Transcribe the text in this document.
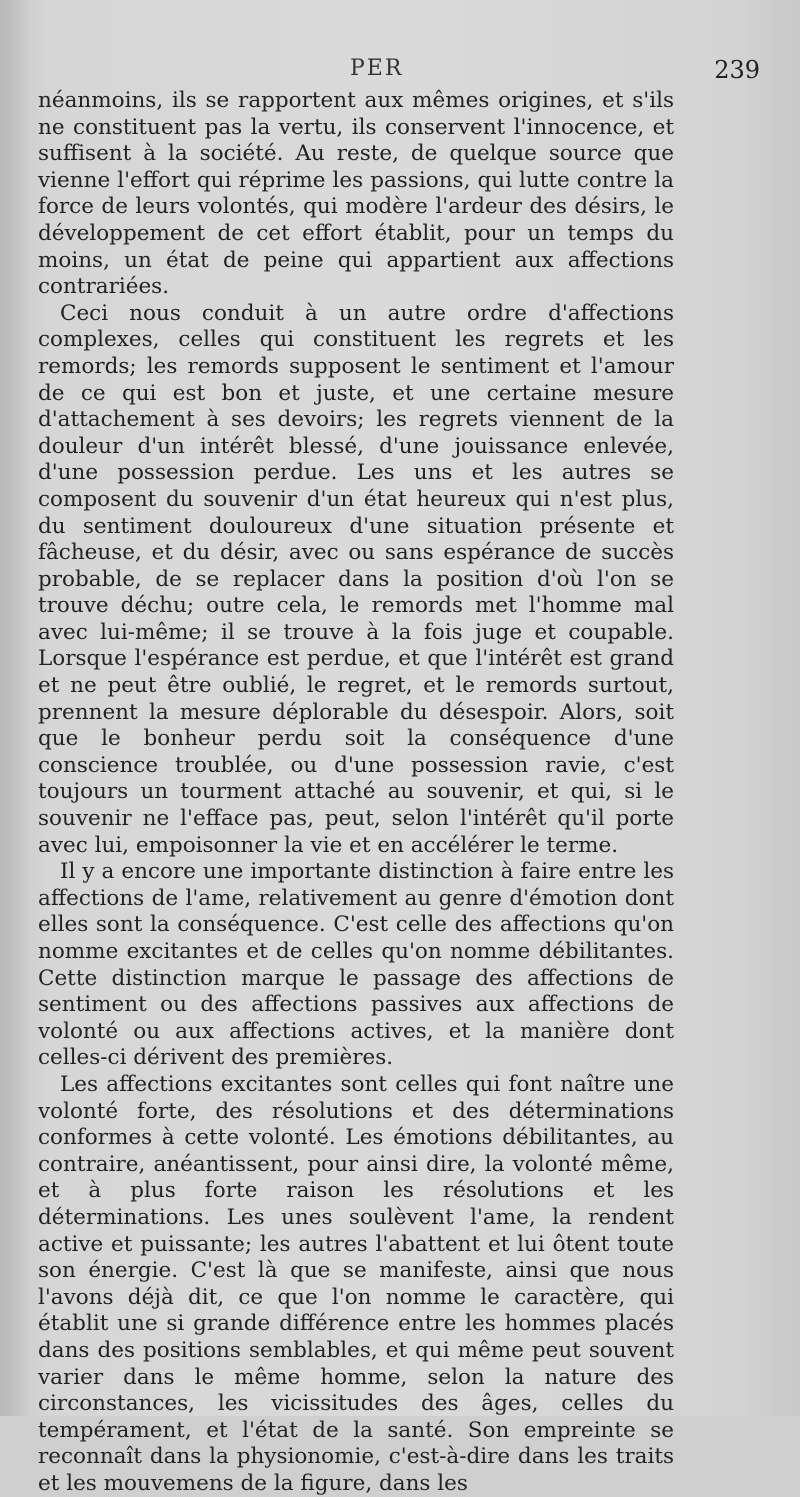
PER	239

néanmoins, ils se rapportent aux mêmes origines, et s'ils ne constituent pas la vertu, ils conservent l'innocence, et suffisent à la société. Au reste, de quelque source que vienne l'effort qui réprime les passions, qui lutte contre la force de leurs volontés, qui modère l'ardeur des désirs, le développement de cet effort établit, pour un temps du moins, un état de peine qui appartient aux affections contrariées.

Ceci nous conduit à un autre ordre d'affections complexes, celles qui constituent les regrets et les remords; les remords supposent le sentiment et l'amour de ce qui est bon et juste, et une certaine mesure d'attachement à ses devoirs; les regrets viennent de la douleur d'un intérêt blessé, d'une jouissance enlevée, d'une possession perdue. Les uns et les autres se composent du souvenir d'un état heureux qui n'est plus, du sentiment douloureux d'une situation présente et fâcheuse, et du désir, avec ou sans espérance de succès probable, de se replacer dans la position d'où l'on se trouve déchu; outre cela, le remords met l'homme mal avec lui-même; il se trouve à la fois juge et coupable. Lorsque l'espérance est perdue, et que l'intérêt est grand et ne peut être oublié, le regret, et le remords surtout, prennent la mesure déplorable du désespoir. Alors, soit que le bonheur perdu soit la conséquence d'une conscience troublée, ou d'une possession ravie, c'est toujours un tourment attaché au souvenir, et qui, si le souvenir ne l'efface pas, peut, selon l'intérêt qu'il porte avec lui, empoisonner la vie et en accélérer le terme.

Il y a encore une importante distinction à faire entre les affections de l'ame, relativement au genre d'émotion dont elles sont la conséquence. C'est celle des affections qu'on nomme excitantes et de celles qu'on nomme débilitantes. Cette distinction marque le passage des affections de sentiment ou des affections passives aux affections de volonté ou aux affections actives, et la manière dont celles-ci dérivent des premières.

Les affections excitantes sont celles qui font naître une volonté forte, des résolutions et des déterminations conformes à cette volonté. Les émotions débilitantes, au contraire, anéantissent, pour ainsi dire, la volonté même, et à plus forte raison les résolutions et les déterminations. Les unes soulèvent l'ame, la rendent active et puissante; les autres l'abattent et lui ôtent toute son énergie. C'est là que se manifeste, ainsi que nous l'avons déjà dit, ce que l'on nomme le caractère, qui établit une si grande différence entre les hommes placés dans des positions semblables, et qui même peut souvent varier dans le même homme, selon la nature des circonstances, les vicissitudes des âges, celles du tempérament, et l'état de la santé. Son empreinte se reconnaît dans la physionomie, c'est-à-dire dans les traits et les mouvemens de la figure, dans les
